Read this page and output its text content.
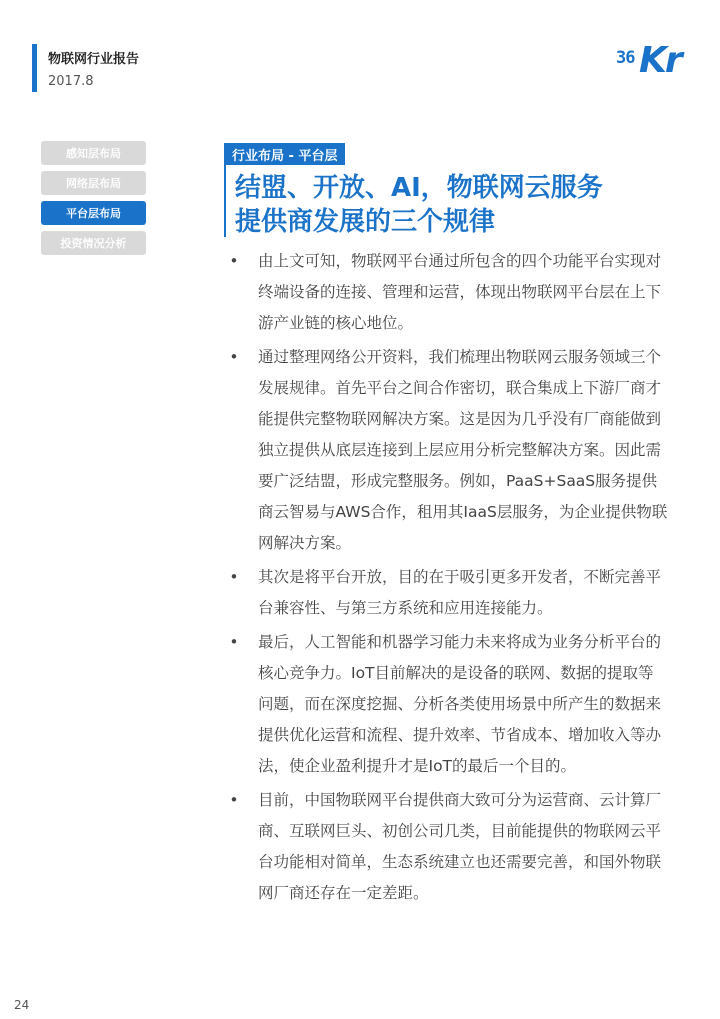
物联网行业报告
2017.8
36 Kr
感知层布局
网络层布局
平台层布局
投资情况分析
行业布局 - 平台层
结盟、开放、AI，物联网云服务
提供商发展的三个规律
• 由上文可知，物联网平台通过所包含的四个功能平台实现对终端设备的连接、管理和运营，体现出物联网平台层在上下游产业链的核心地位。
• 通过整理网络公开资料，我们梳理出物联网云服务领域三个发展规律。首先平台之间合作密切，联合集成上下游厂商才能提供完整物联网解决方案。这是因为几乎没有厂商能做到独立提供从底层连接到上层应用分析完整解决方案。因此需要广泛结盟，形成完整服务。例如，PaaS+SaaS服务提供商云智易与AWS合作，租用其IaaS层服务，为企业提供物联网解决方案。
• 其次是将平台开放，目的在于吸引更多开发者，不断完善平台兼容性、与第三方系统和应用连接能力。
• 最后，人工智能和机器学习能力未来将成为业务分析平台的核心竞争力。IoT目前解决的是设备的联网、数据的提取等问题，而在深度挖掘、分析各类使用场景中所产生的数据来提供优化运营和流程、提升效率、节省成本、增加收入等办法，使企业盈利提升才是IoT的最后一个目的。
• 目前，中国物联网平台提供商大致可分为运营商、云计算厂商、互联网巨头、初创公司几类，目前能提供的物联网云平台功能相对简单，生态系统建立也还需要完善，和国外物联网厂商还存在一定差距。
24
